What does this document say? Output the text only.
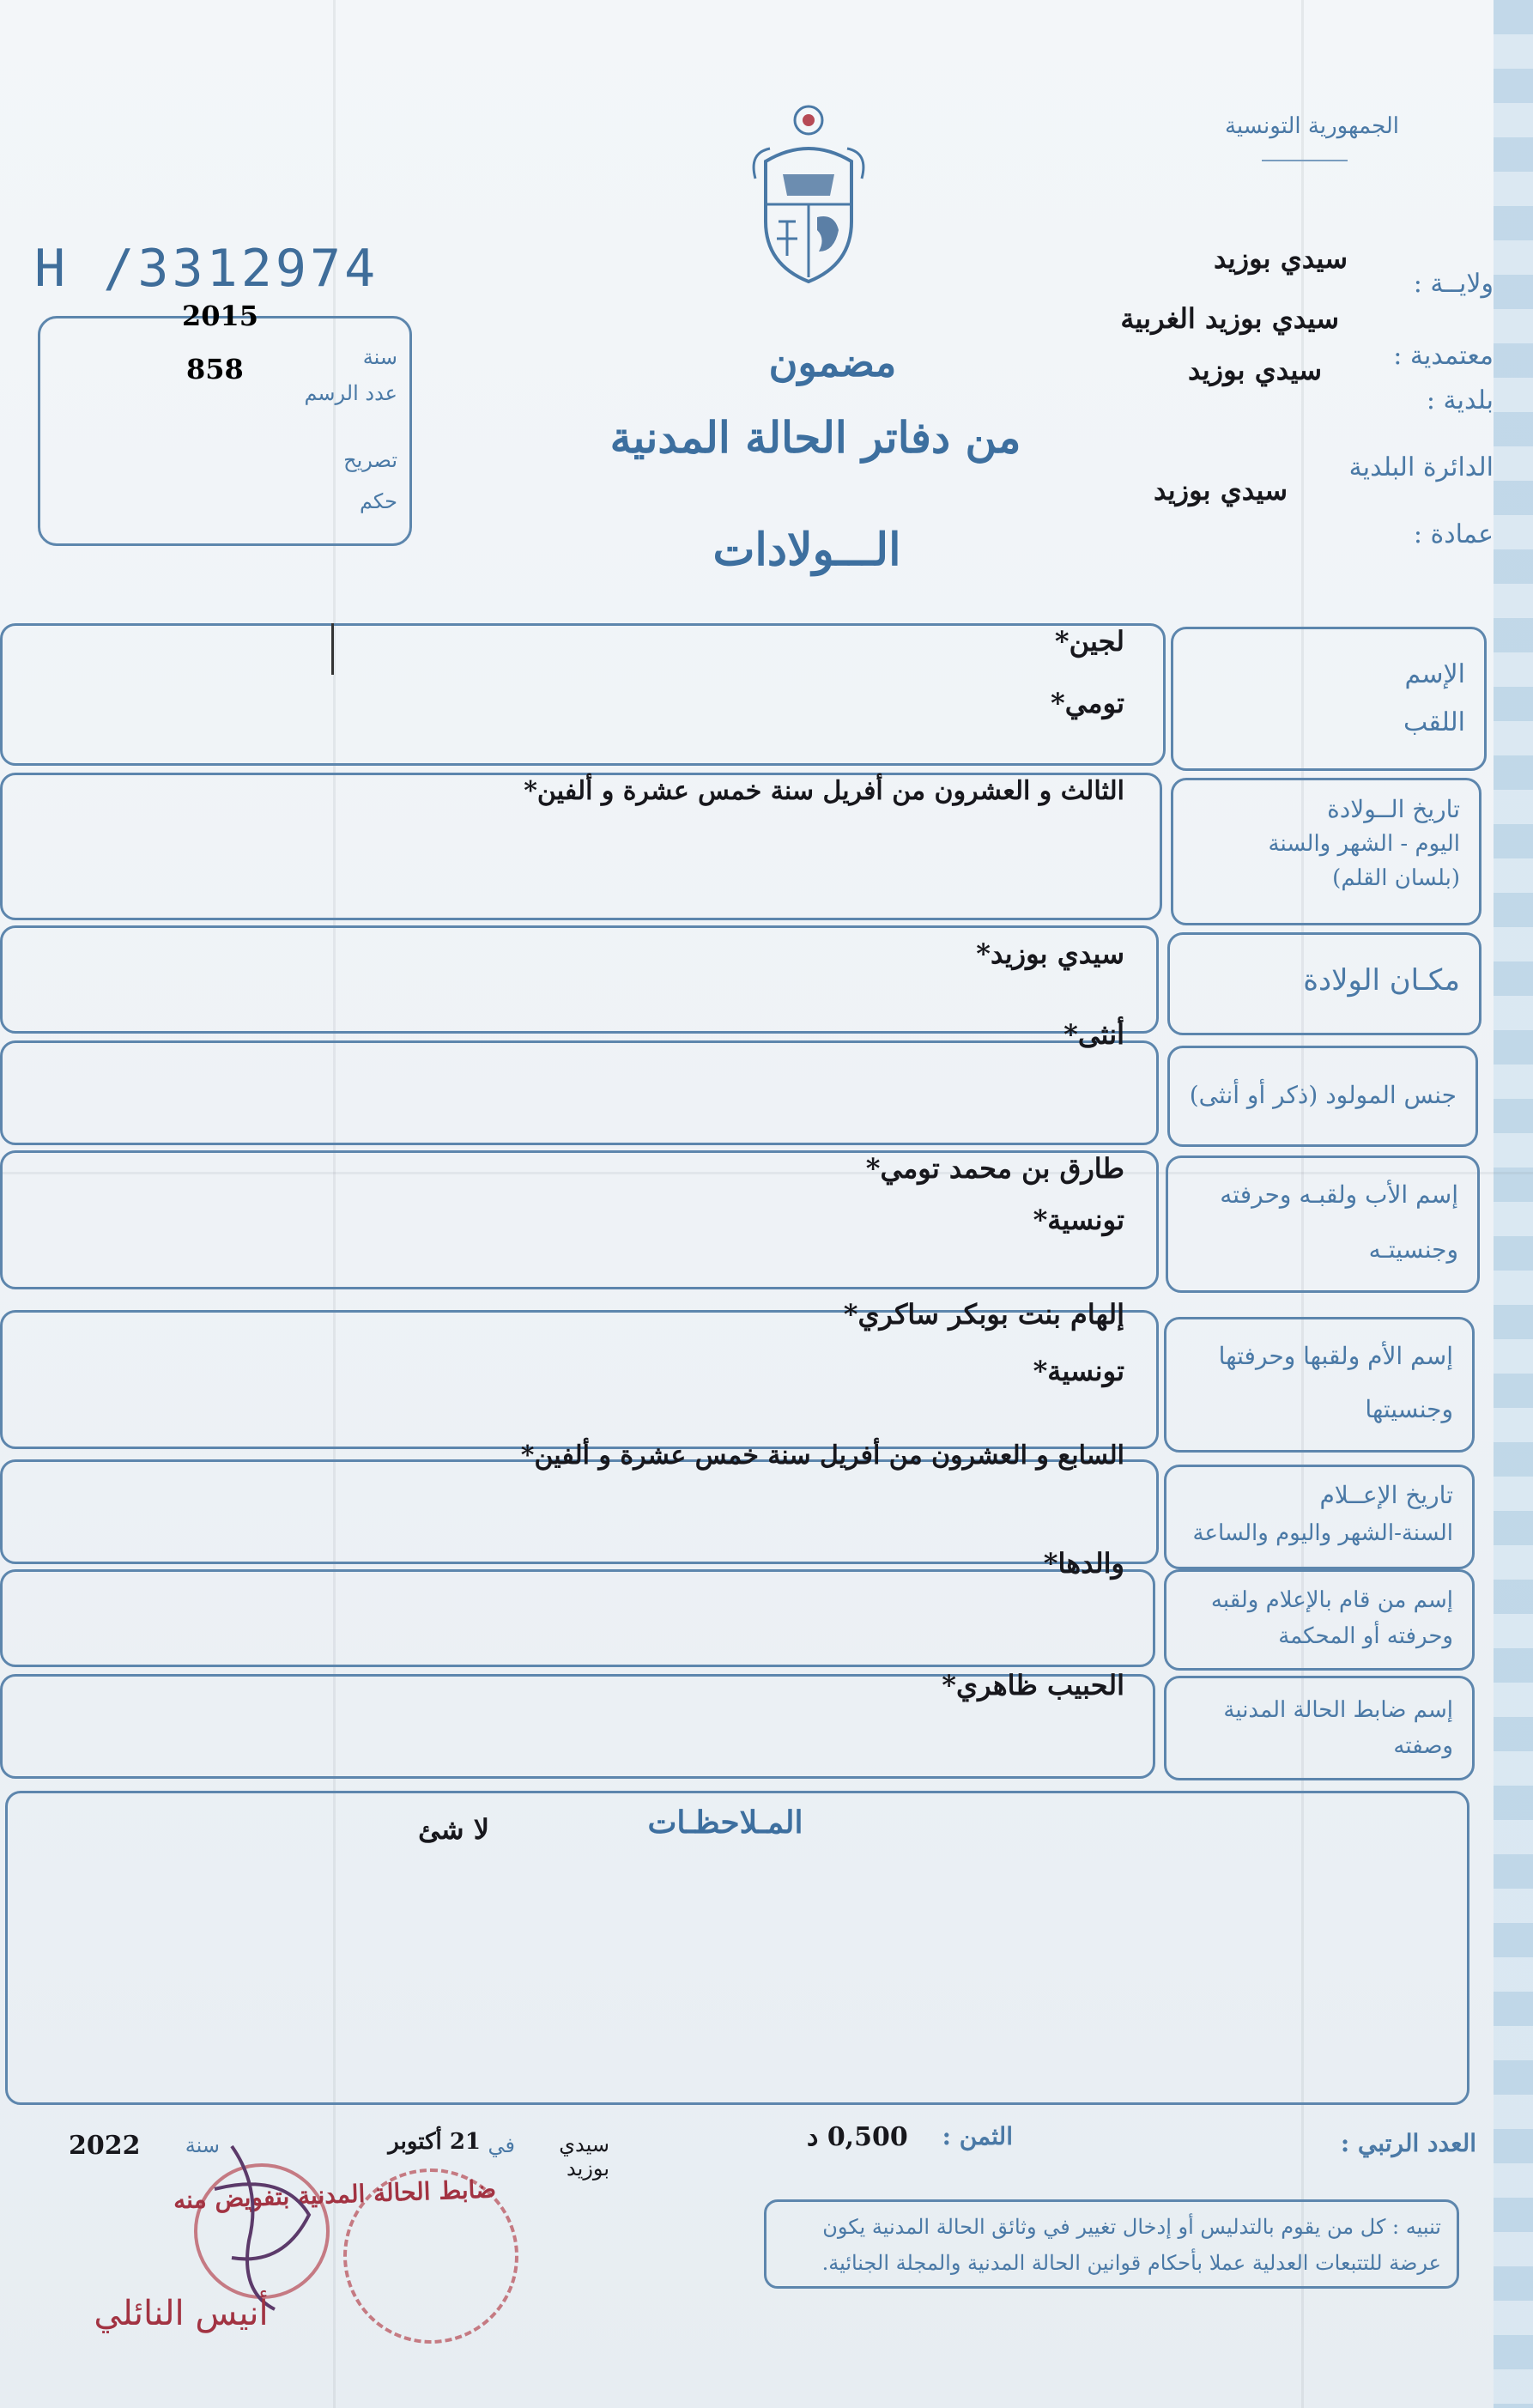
الجمهورية التونسية
H /3312974
2015
858	سنة
عدد الرسم
تصريح
حكم
ولايــة :
سيدي بوزيد
معتمدية :
سيدي بوزيد الغربية
بلدية :
سيدي بوزيد
الدائرة البلدية
سيدي بوزيد
عمادة :
مضمون
من دفاتر الحالة المدنية
الـــولادات
الإسم
اللقب
لجين*
تومي*
تاريخ الــولادة
اليوم - الشهر والسنة
(بلسان القلم)
الثالث و العشرون من أفريل سنة خمس عشرة و ألفين*
مكـان الولادة
سيدي بوزيد*
جنس المولود (ذكر أو أنثى)
أنثى*
إسم الأب ولقبـه وحرفته
وجنسيتـه
طارق بن محمد تومي*
تونسية*
إسم الأم ولقبها وحرفتها
وجنسيتها
إلهام بنت بوبكر ساكري*
تونسية*
تاريخ الإعــلام
السنة-الشهر واليوم والساعة
السابع و العشرون من أفريل سنة خمس عشرة و ألفين*
إسم من قام بالإعلام ولقبه
وحرفته أو المحكمة
والدها*
إسم ضابط الحالة المدنية
وصفته
الحبيب ظاهري*
المـلاحظـات
لا شئ
العدد الرتبي :
الثمن :
0,500 د
سيدي بوزيد
في
21 أكتوبر
سنة
2022
تنبيه : كل من يقوم بالتدليس أو إدخال تغيير في وثائق الحالة المدنية يكون عرضة للتتبعات العدلية عملا بأحكام قوانين الحالة المدنية والمجلة الجنائية.
ضابط الحالة المدنية بتفويض منه
أنيس النائلي
